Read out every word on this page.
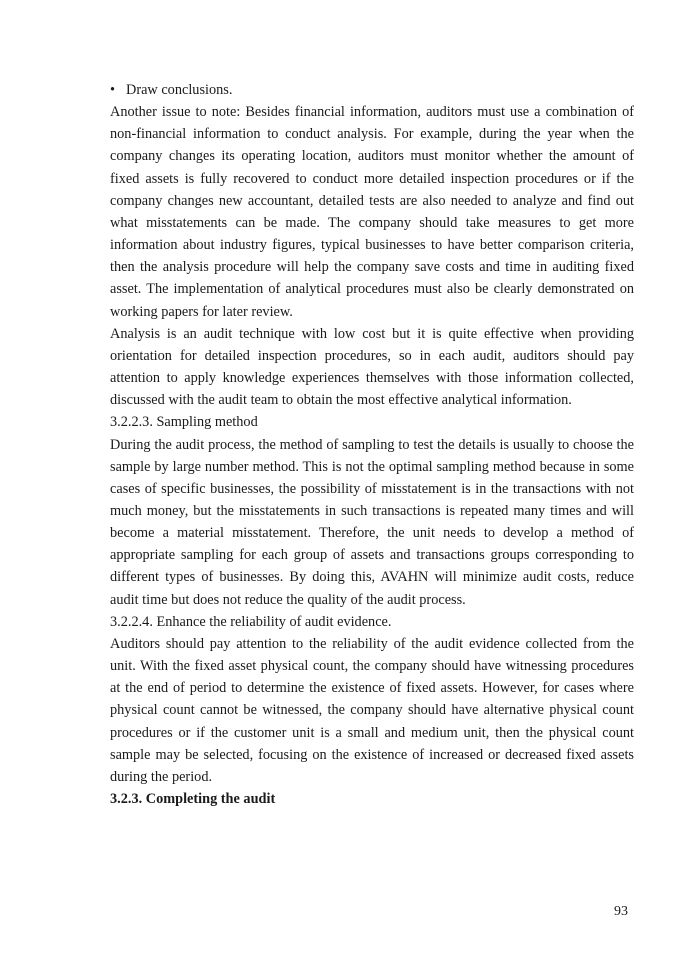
• Draw conclusions.

Another issue to note: Besides financial information, auditors must use a combination of non-financial information to conduct analysis. For example, during the year when the company changes its operating location, auditors must monitor whether the amount of fixed assets is fully recovered to conduct more detailed inspection procedures or if the company changes new accountant, detailed tests are also needed to analyze and find out what misstatements can be made. The company should take measures to get more information about industry figures, typical businesses to have better comparison criteria, then the analysis procedure will help the company save costs and time in auditing fixed asset. The implementation of analytical procedures must also be clearly demonstrated on working papers for later review.

Analysis is an audit technique with low cost but it is quite effective when providing orientation for detailed inspection procedures, so in each audit, auditors should pay attention to apply knowledge experiences themselves with those information collected, discussed with the audit team to obtain the most effective analytical information.

3.2.2.3. Sampling method

During the audit process, the method of sampling to test the details is usually to choose the sample by large number method. This is not the optimal sampling method because in some cases of specific businesses, the possibility of misstatement is in the transactions with not much money, but the misstatements in such transactions is repeated many times and will become a material misstatement. Therefore, the unit needs to develop a method of appropriate sampling for each group of assets and transactions groups corresponding to different types of businesses. By doing this, AVAHN will minimize audit costs, reduce audit time but does not reduce the quality of the audit process.

3.2.2.4. Enhance the reliability of audit evidence.

Auditors should pay attention to the reliability of the audit evidence collected from the unit. With the fixed asset physical count, the company should have witnessing procedures at the end of period to determine the existence of fixed assets. However, for cases where physical count cannot be witnessed, the company should have alternative physical count procedures or if the customer unit is a small and medium unit, then the physical count sample may be selected, focusing on the existence of increased or decreased fixed assets during the period.

3.2.3. Completing the audit

93
